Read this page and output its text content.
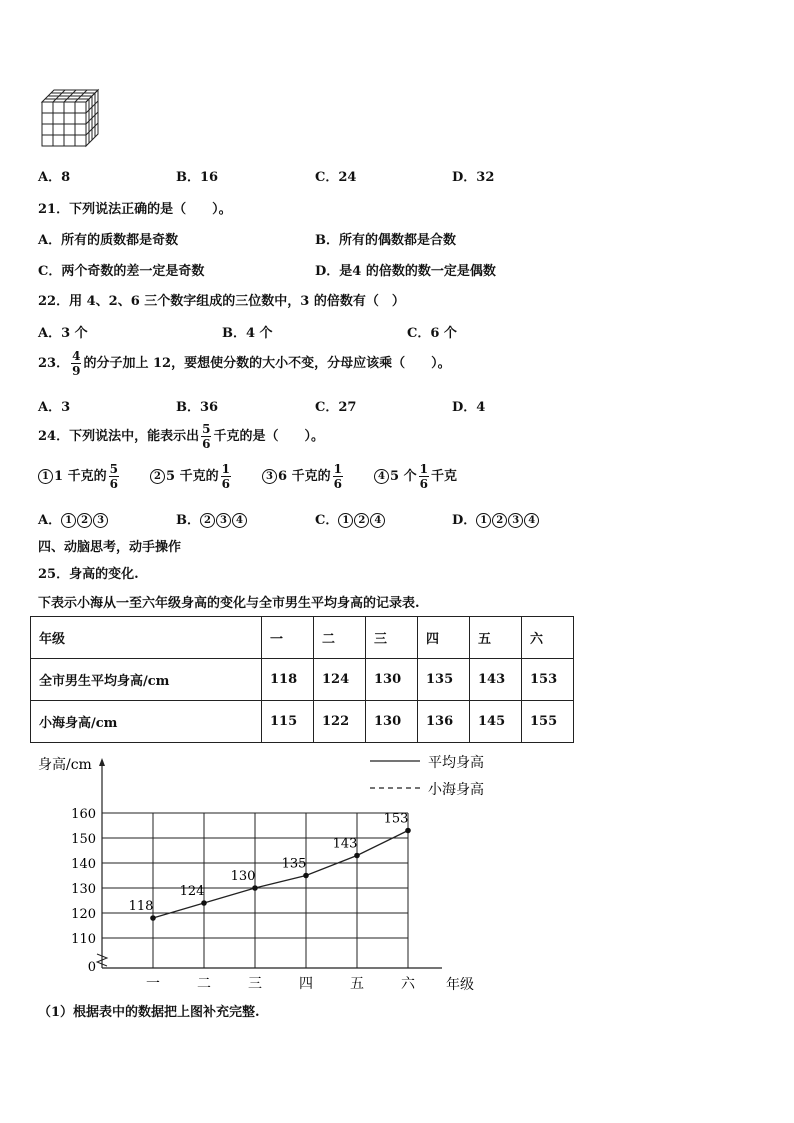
A．8	B．16	C．24	D．32
21．下列说法正确的是（　　）。
A．所有的质数都是奇数	B．所有的偶数都是合数
C．两个奇数的差一定是奇数	D．是4 的倍数的数一定是偶数
22．用 4、2、6 三个数字组成的三位数中，3 的倍数有（　）
A．3 个	B．4 个	C．6 个
23． $\frac{4}{9}$ 的分子加上 12，要想使分数的大小不变，分母应该乘（　　）。
A．3	B．36	C．27	D．4
24．下列说法中，能表示出 $\frac{5}{6}$ 千克的是（　　）。
1 1 千克的 $\frac{5}{6}$	2 5 千克的 $\frac{1}{6}$	3 6 千克的 $\frac{1}{6}$	4 5 个 $\frac{1}{6}$ 千克
A． 1 2 3	B． 2 3 4	C． 1 2 4	D． 1 2 3 4
四、动脑思考，动手操作
25．身高的变化.
下表示小海从一至六年级身高的变化与全市男生平均身高的记录表.
年级	一	二	三	四	五	六
全市男生平均身高/cm	118	124	130	135	143	153
小海身高/cm	115	122	130	136	145	155
0
110
120
130
140
150
160
身高/cm
一	二	三	四	五	六 年级
平均身高
小海身高
118
124
130
135
143
153
（1）根据表中的数据把上图补充完整.
